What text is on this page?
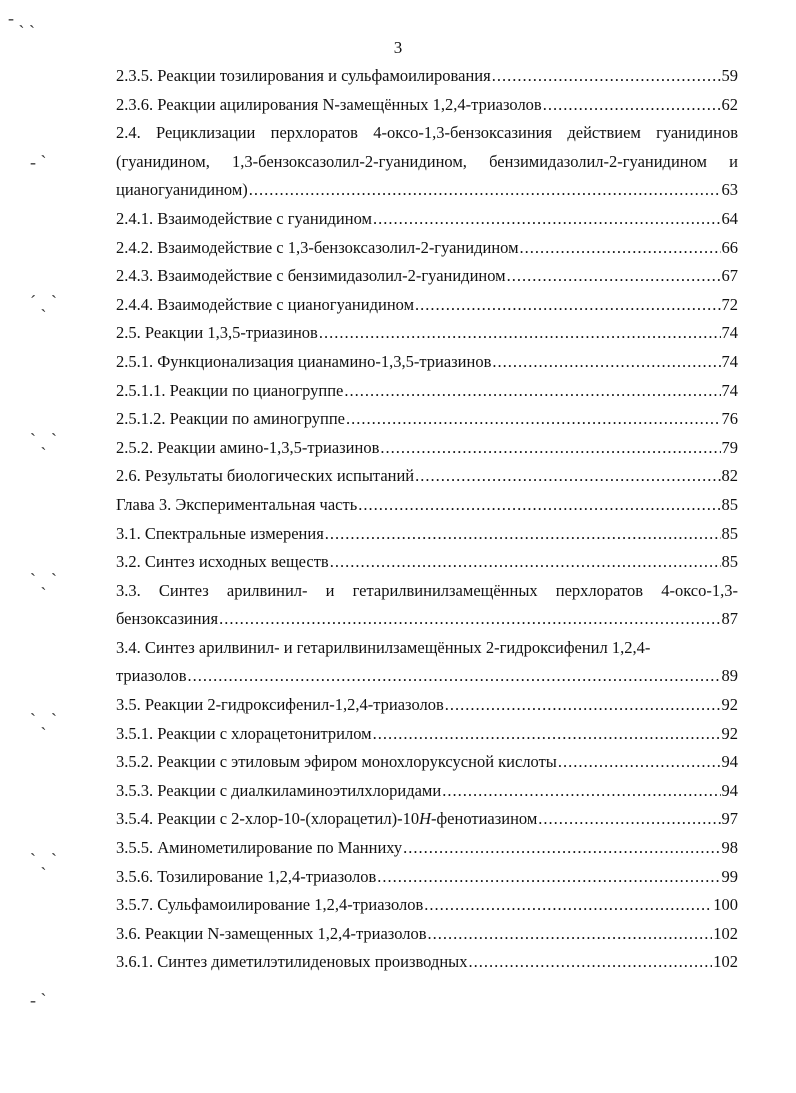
‑ ˎ ˏ
‑ ˋ
ˊ ˎ ˋ
ˋ ˎ ˋ
ˋ ˎ ˋ
ˋ ˎ ˋ
ˋ ˎ ˋ
‑ ˋ
3
2.3.5. Реакции тозилирования и сульфамоилирования .....	59
2.3.6. Реакции ацилирования N-замещённых 1,2,4-триазолов .....	62
2.4. Рециклизации перхлоратов 4-оксо-1,3-бензоксазиния действием гуанидинов
(гуанидином, 1,3-бензоксазолил-2-гуанидином, бензимидазолил-2-гуанидином и
цианогуанидином) .....	63
2.4.1. Взаимодействие с гуанидином .....	64
2.4.2. Взаимодействие с 1,3-бензоксазолил-2-гуанидином .....	66
2.4.3. Взаимодействие с бензимидазолил-2-гуанидином .....	67
2.4.4. Взаимодействие с цианогуанидином .....	72
2.5. Реакции 1,3,5-триазинов .....	74
2.5.1. Функционализация цианамино-1,3,5-триазинов .....	74
2.5.1.1. Реакции по цианогруппе .....	74
2.5.1.2. Реакции по аминогруппе .....	76
2.5.2. Реакции амино-1,3,5-триазинов .....	79
2.6. Результаты биологических испытаний .....	82
Глава 3. Экспериментальная часть .....	85
3.1. Спектральные измерения .....	85
3.2. Синтез исходных веществ .....	85
3.3. Синтез арилвинил- и гетарилвинилзамещённых перхлоратов 4-оксо-1,3-
бензоксазиния .....	87
3.4. Синтез арилвинил- и гетарилвинилзамещённых 2-гидроксифенил 1,2,4-
триазолов .....	89
3.5. Реакции 2-гидроксифенил-1,2,4-триазолов .....	92
3.5.1. Реакции с хлорацетонитрилом .....	92
3.5.2. Реакции с этиловым эфиром монохлоруксусной кислоты .....	94
3.5.3. Реакции с диалкиламиноэтилхлоридами .....	94
3.5.4. Реакции с 2-хлор-10-(хлорацетил)-10H-фенотиазином .....	97
3.5.5. Аминометилирование по Манниху .....	98
3.5.6. Тозилирование 1,2,4-триазолов .....	99
3.5.7. Сульфамоилирование 1,2,4-триазолов .....	100
3.6. Реакции N-замещенных 1,2,4-триазолов .....	102
3.6.1. Синтез диметилэтилиденовых производных .....	102
